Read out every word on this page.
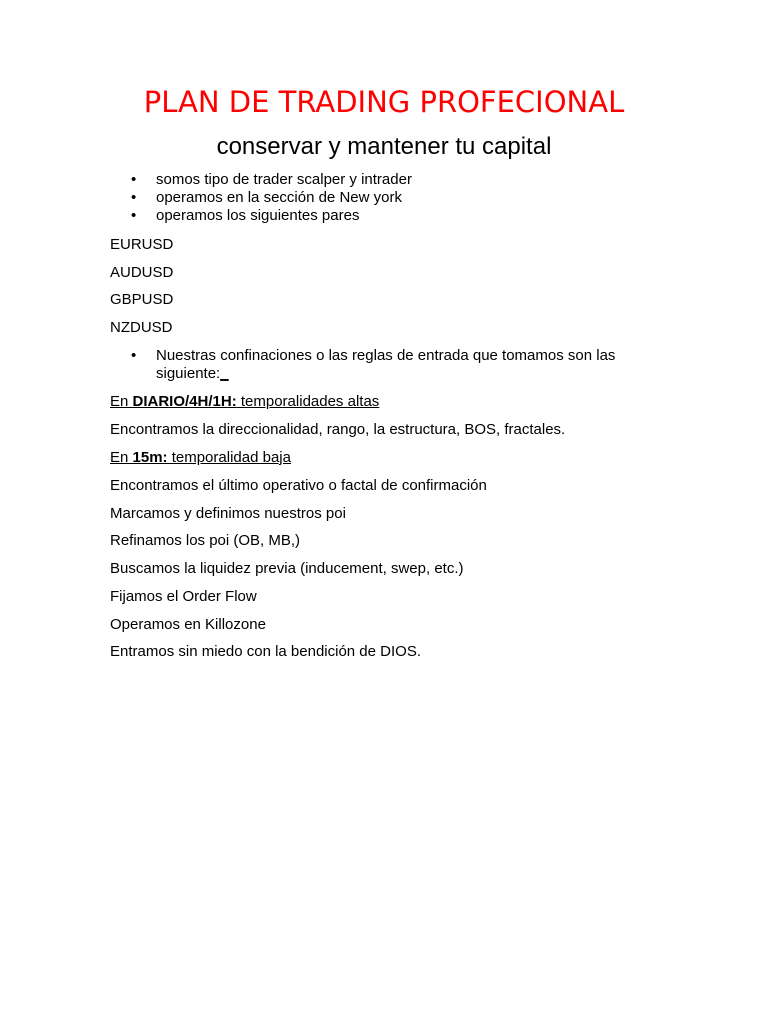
PLAN DE TRADING PROFECIONAL
conservar y mantener tu capital
• somos tipo de trader scalper y intrader
• operamos en la sección de New york
• operamos los siguientes pares

EURUSD

AUDUSD

GBPUSD

NZDUSD

• Nuestras confinaciones o las reglas de entrada que tomamos son las
siguiente:_

En DIARIO/4H/1H: temporalidades altas

Encontramos la direccionalidad, rango, la estructura, BOS, fractales.

En 15m: temporalidad baja

Encontramos el último operativo o factal de confirmación

Marcamos y definimos nuestros poi

Refinamos los poi (OB, MB,)

Buscamos la liquidez previa (inducement, swep, etc.)

Fijamos el Order Flow

Operamos en Killozone

Entramos sin miedo con la bendición de DIOS.
